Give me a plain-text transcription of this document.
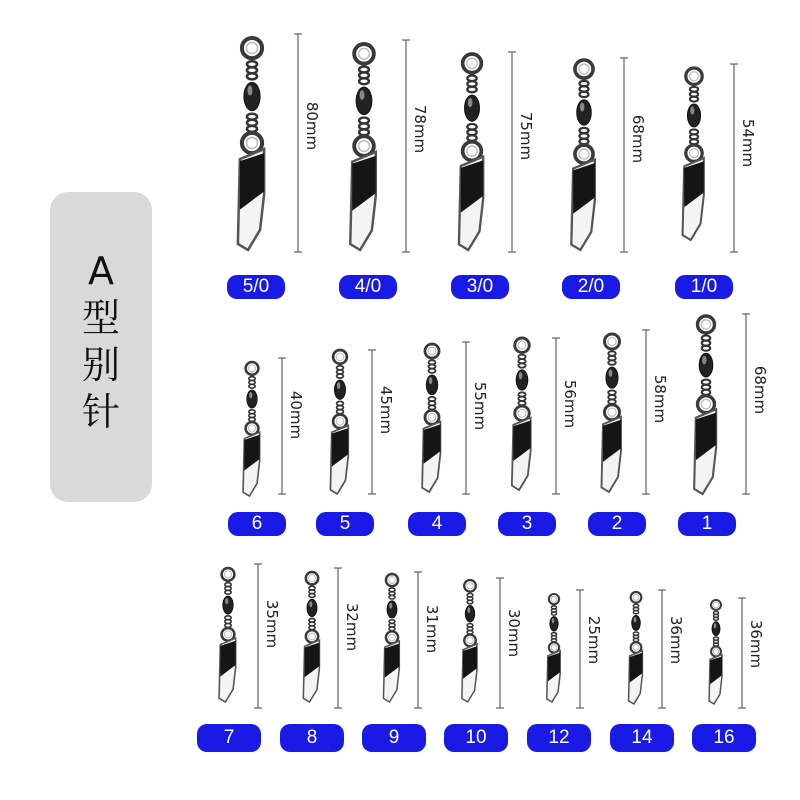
A
型
别
针
80mm
5/0
78mm
4/0
75mm
3/0
68mm
2/0
54mm
1/0
40mm
6
45mm
5
55mm
4
56mm
3
58mm
2
68mm
1
35mm
7
32mm
8
31mm
9
30mm
10
25mm
12
36mm
14
36mm
16
